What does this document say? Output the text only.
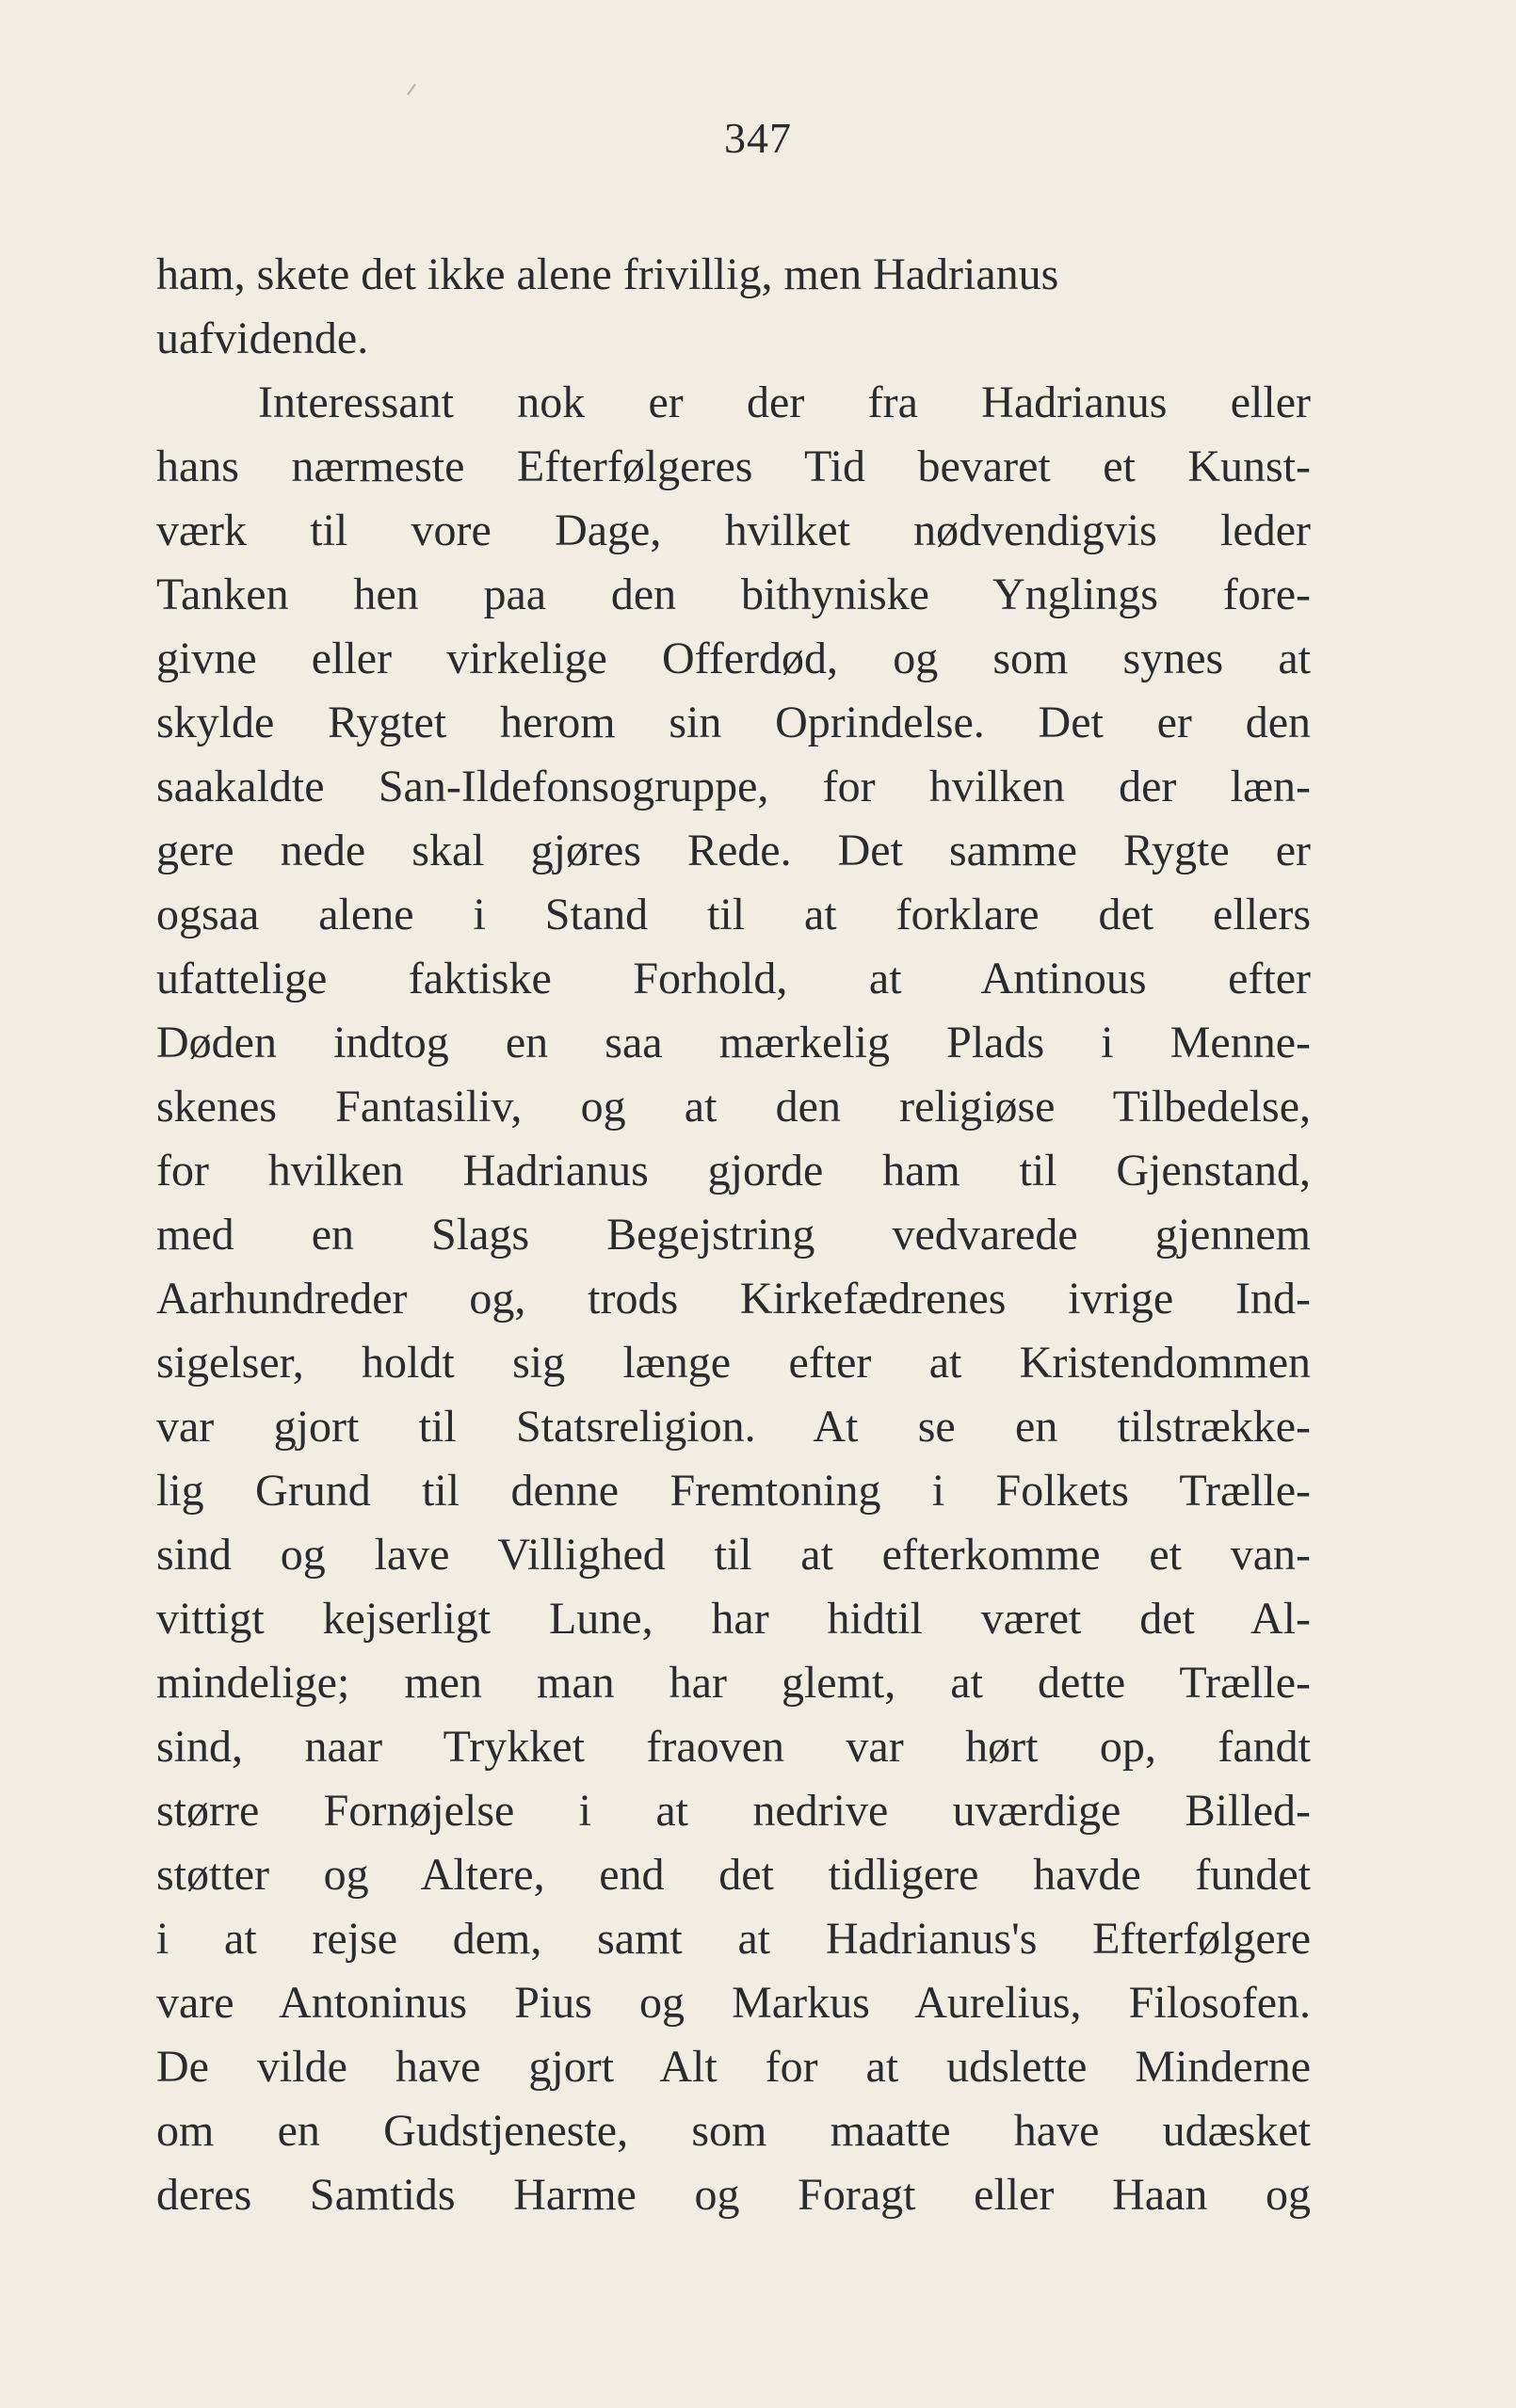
347
ham, skete det ikke alene frivillig, men Hadrianus
uafvidende.
Interessant nok er der fra Hadrianus eller
hans nærmeste Efterfølgeres Tid bevaret et Kunst-
værk til vore Dage, hvilket nødvendigvis leder
Tanken hen paa den bithyniske Ynglings fore-
givne eller virkelige Offerdød, og som synes at
skylde Rygtet herom sin Oprindelse. Det er den
saakaldte San-Ildefonsogruppe, for hvilken der læn-
gere nede skal gjøres Rede. Det samme Rygte er
ogsaa alene i Stand til at forklare det ellers
ufattelige faktiske Forhold, at Antinous efter
Døden indtog en saa mærkelig Plads i Menne-
skenes Fantasiliv, og at den religiøse Tilbedelse,
for hvilken Hadrianus gjorde ham til Gjenstand,
med en Slags Begejstring vedvarede gjennem
Aarhundreder og, trods Kirkefædrenes ivrige Ind-
sigelser, holdt sig længe efter at Kristendommen
var gjort til Statsreligion. At se en tilstrække-
lig Grund til denne Fremtoning i Folkets Trælle-
sind og lave Villighed til at efterkomme et van-
vittigt kejserligt Lune, har hidtil været det Al-
mindelige; men man har glemt, at dette Trælle-
sind, naar Trykket fraoven var hørt op, fandt
større Fornøjelse i at nedrive uværdige Billed-
støtter og Altere, end det tidligere havde fundet
i at rejse dem, samt at Hadrianus's Efterfølgere
vare Antoninus Pius og Markus Aurelius, Filosofen.
De vilde have gjort Alt for at udslette Minderne
om en Gudstjeneste, som maatte have udæsket
deres Samtids Harme og Foragt eller Haan og
